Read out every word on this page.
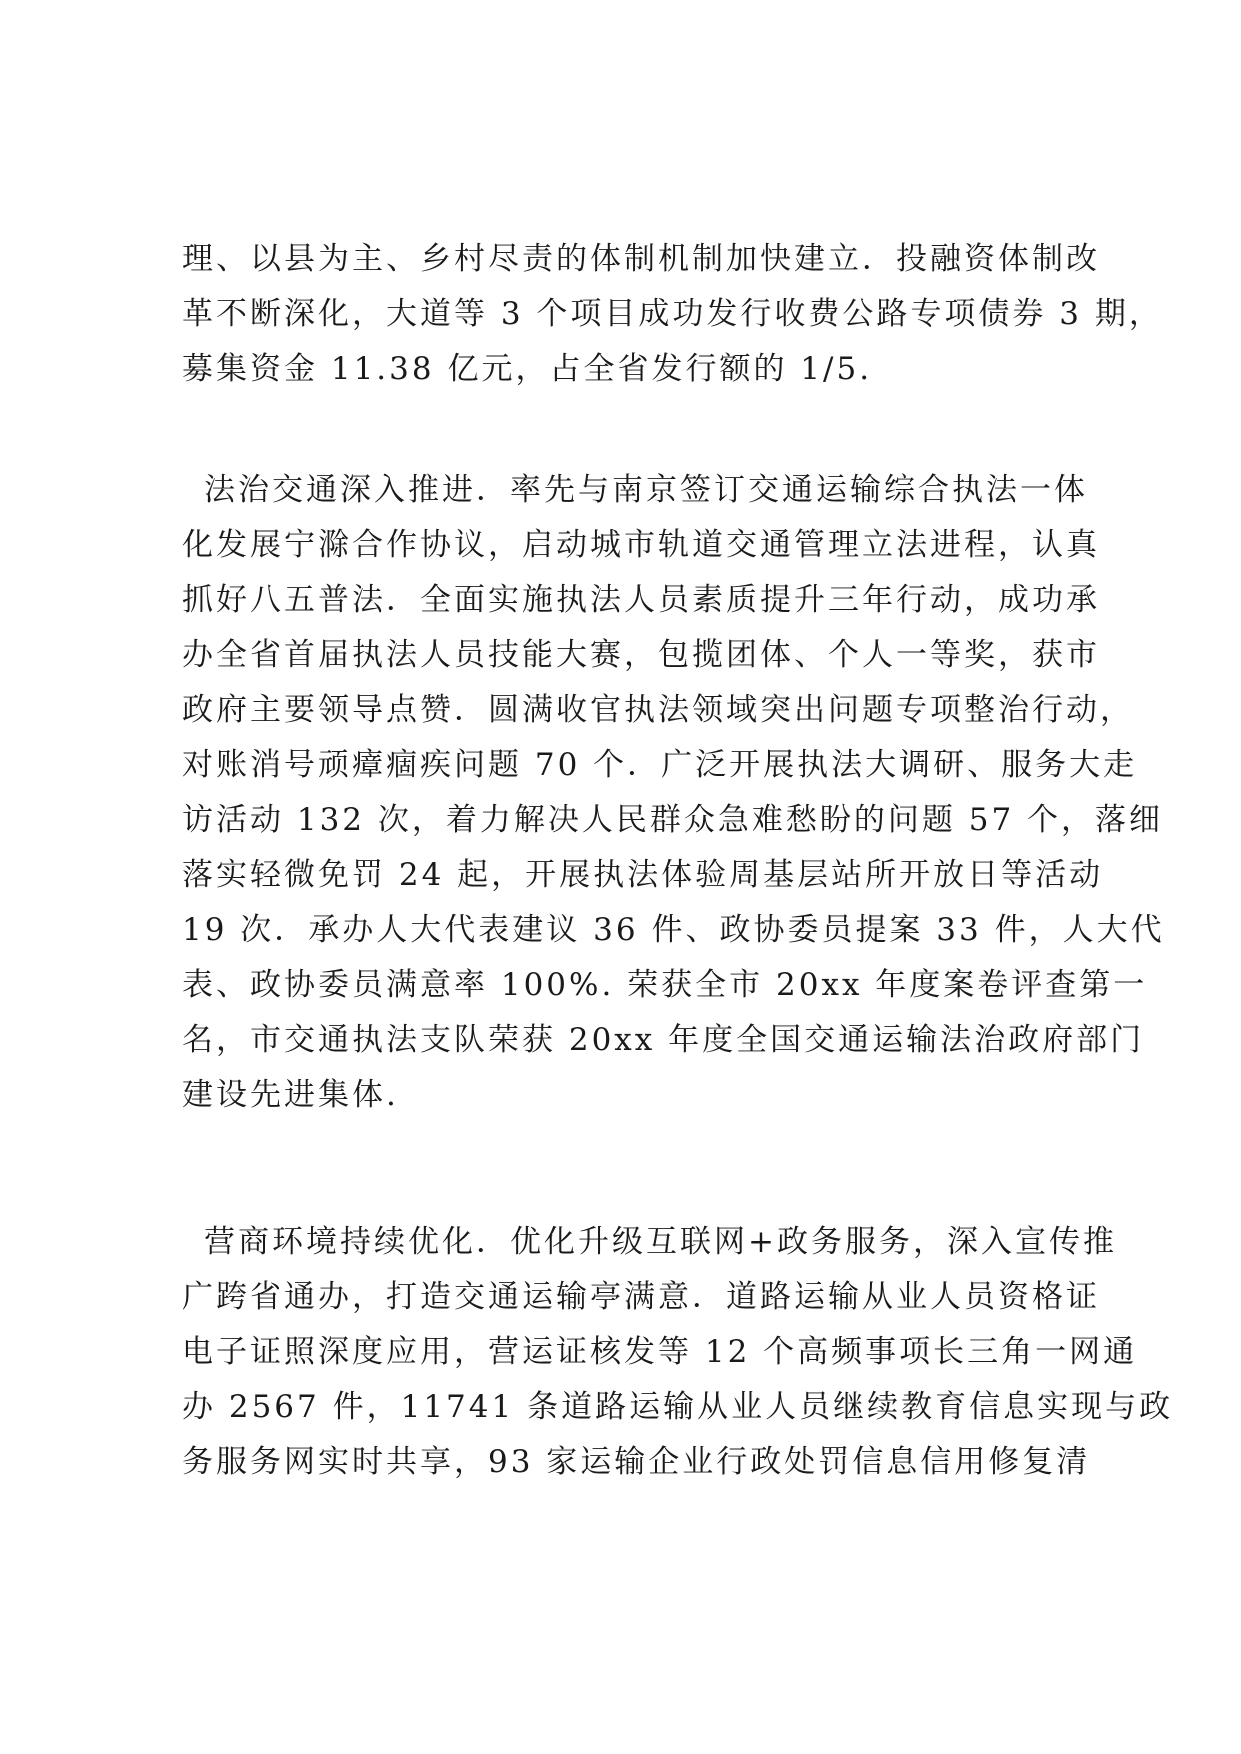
理、以县为主、乡村尽责的体制机制加快建立．投融资体制改
革不断深化，大道等 3 个项目成功发行收费公路专项债券 3 期，
募集资金 11.38 亿元，占全省发行额的 1/5.

法治交通深入推进．率先与南京签订交通运输综合执法一体
化发展宁滁合作协议，启动城市轨道交通管理立法进程，认真
抓好八五普法．全面实施执法人员素质提升三年行动，成功承
办全省首届执法人员技能大赛，包揽团体、个人一等奖，获市
政府主要领导点赞．圆满收官执法领域突出问题专项整治行动，
对账消号顽瘴痼疾问题 70 个．广泛开展执法大调研、服务大走
访活动 132 次，着力解决人民群众急难愁盼的问题 57 个，落细
落实轻微免罚 24 起，开展执法体验周基层站所开放日等活动
19 次．承办人大代表建议 36 件、政协委员提案 33 件，人大代
表、政协委员满意率 100%. 荣获全市 20xx 年度案卷评查第一
名，市交通执法支队荣获 20xx 年度全国交通运输法治政府部门
建设先进集体.

营商环境持续优化．优化升级互联网+政务服务，深入宣传推
广跨省通办，打造交通运输亭满意．道路运输从业人员资格证
电子证照深度应用，营运证核发等 12 个高频事项长三角一网通
办 2567 件，11741 条道路运输从业人员继续教育信息实现与政
务服务网实时共享，93 家运输企业行政处罚信息信用修复清
